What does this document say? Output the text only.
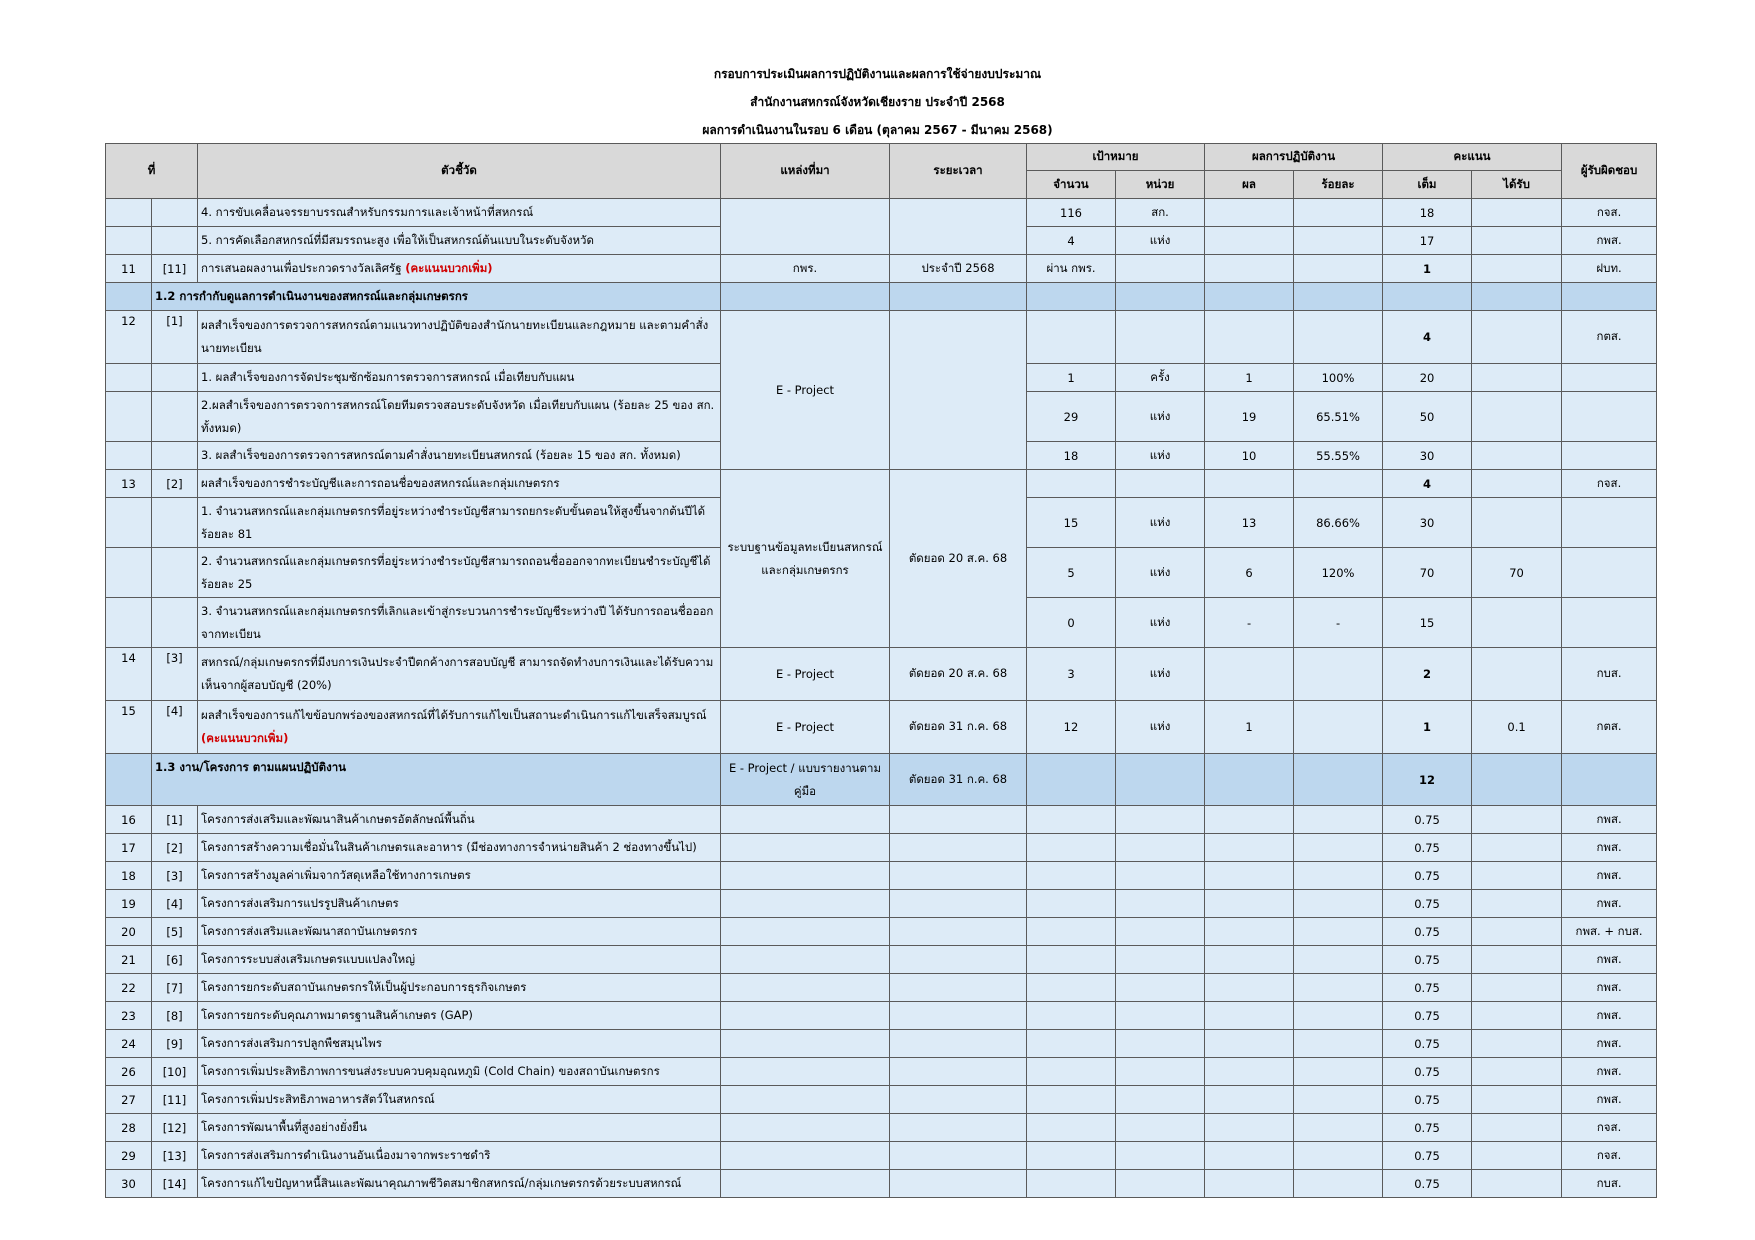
กรอบการประเมินผลการปฏิบัติงานและผลการใช้จ่ายงบประมาณ
สำนักงานสหกรณ์จังหวัดเชียงราย ประจำปี 2568
ผลการดำเนินงานในรอบ 6 เดือน (ตุลาคม 2567 - มีนาคม 2568)
ที่		ตัวชี้วัด	แหล่งที่มา	ระยะเวลา	เป้าหมาย		ผลการปฏิบัติงาน		คะแนน		ผู้รับผิดชอบ
					จำนวน	หน่วย	ผล	ร้อยละ	เต็ม	ได้รับ	
		4. การขับเคลื่อนจรรยาบรรณสำหรับกรรมการและเจ้าหน้าที่สหกรณ์			116	สก.			18		กจส.
		5. การคัดเลือกสหกรณ์ที่มีสมรรถนะสูง เพื่อให้เป็นสหกรณ์ต้นแบบในระดับจังหวัด			4	แห่ง			17		กพส.
11	[11]	การเสนอผลงานเพื่อประกวดรางวัลเลิศรัฐ (คะแนนบวกเพิ่ม)	กพร.	ประจำปี 2568	ผ่าน กพร.				1		ฝบท.
	1.2 การกำกับดูแลการดำเนินงานของสหกรณ์และกลุ่มเกษตรกร										
12	[1]	ผลสำเร็จของการตรวจการสหกรณ์ตามแนวทางปฏิบัติของสำนักนายทะเบียนและกฎหมาย และตามคำสั่งนายทะเบียน	E - Project						4		กตส.
		1. ผลสำเร็จของการจัดประชุมซักซ้อมการตรวจการสหกรณ์ เมื่อเทียบกับแผน			1	ครั้ง	1	100%	20		
		2.ผลสำเร็จของการตรวจการสหกรณ์โดยทีมตรวจสอบระดับจังหวัด เมื่อเทียบกับแผน (ร้อยละ 25 ของ สก. ทั้งหมด)			29	แห่ง	19	65.51%	50		
		3. ผลสำเร็จของการตรวจการสหกรณ์ตามคำสั่งนายทะเบียนสหกรณ์ (ร้อยละ 15 ของ สก. ทั้งหมด)			18	แห่ง	10	55.55%	30		
13	[2]	ผลสำเร็จของการชำระบัญชีและการถอนชื่อของสหกรณ์และกลุ่มเกษตรกร	ระบบฐานข้อมูลทะเบียนสหกรณ์และกลุ่มเกษตรกร	ตัดยอด 20 ส.ค. 68					4		กจส.
		1. จำนวนสหกรณ์และกลุ่มเกษตรกรที่อยู่ระหว่างชำระบัญชีสามารถยกระดับขั้นตอนให้สูงขึ้นจากต้นปีได้ ร้อยละ 81			15	แห่ง	13	86.66%	30		
		2. จำนวนสหกรณ์และกลุ่มเกษตรกรที่อยู่ระหว่างชำระบัญชีสามารถถอนชื่อออกจากทะเบียนชำระบัญชีได้ ร้อยละ 25			5	แห่ง	6	120%	70	70	
		3. จำนวนสหกรณ์และกลุ่มเกษตรกรที่เลิกและเข้าสู่กระบวนการชำระบัญชีระหว่างปี ได้รับการถอนชื่อออกจากทะเบียน			0	แห่ง	-	-	15		
14	[3]	สหกรณ์/กลุ่มเกษตรกรที่มีงบการเงินประจำปีตกค้างการสอบบัญชี สามารถจัดทำงบการเงินและได้รับความเห็นจากผู้สอบบัญชี (20%)	E - Project	ตัดยอด 20 ส.ค. 68	3	แห่ง			2		กบส.
15	[4]	ผลสำเร็จของการแก้ไขข้อบกพร่องของสหกรณ์ที่ได้รับการแก้ไขเป็นสถานะดำเนินการแก้ไขเสร็จสมบูรณ์ (คะแนนบวกเพิ่ม)	E - Project	ตัดยอด 31 ก.ค. 68	12	แห่ง	1		1	0.1	กตส.
	1.3 งาน/โครงการ ตามแผนปฏิบัติงาน		E - Project / แบบรายงานตามคู่มือ	ตัดยอด 31 ก.ค. 68					12		
16	[1]	โครงการส่งเสริมและพัฒนาสินค้าเกษตรอัตลักษณ์พื้นถิ่น							0.75		กพส.
17	[2]	โครงการสร้างความเชื่อมั่นในสินค้าเกษตรและอาหาร (มีช่องทางการจำหน่ายสินค้า 2 ช่องทางขึ้นไป)							0.75		กพส.
18	[3]	โครงการสร้างมูลค่าเพิ่มจากวัสดุเหลือใช้ทางการเกษตร							0.75		กพส.
19	[4]	โครงการส่งเสริมการแปรรูปสินค้าเกษตร							0.75		กพส.
20	[5]	โครงการส่งเสริมและพัฒนาสถาบันเกษตรกร							0.75		กพส. + กบส.
21	[6]	โครงการระบบส่งเสริมเกษตรแบบแปลงใหญ่							0.75		กพส.
22	[7]	โครงการยกระดับสถาบันเกษตรกรให้เป็นผู้ประกอบการธุรกิจเกษตร							0.75		กพส.
23	[8]	โครงการยกระดับคุณภาพมาตรฐานสินค้าเกษตร (GAP)							0.75		กพส.
24	[9]	โครงการส่งเสริมการปลูกพืชสมุนไพร							0.75		กพส.
26	[10]	โครงการเพิ่มประสิทธิภาพการขนส่งระบบควบคุมอุณหภูมิ (Cold Chain) ของสถาบันเกษตรกร							0.75		กพส.
27	[11]	โครงการเพิ่มประสิทธิภาพอาหารสัตว์ในสหกรณ์							0.75		กพส.
28	[12]	โครงการพัฒนาพื้นที่สูงอย่างยั่งยืน							0.75		กจส.
29	[13]	โครงการส่งเสริมการดำเนินงานอันเนื่องมาจากพระราชดำริ							0.75		กจส.
30	[14]	โครงการแก้ไขปัญหาหนี้สินและพัฒนาคุณภาพชีวิตสมาชิกสหกรณ์/กลุ่มเกษตรกรด้วยระบบสหกรณ์							0.75		กบส.
